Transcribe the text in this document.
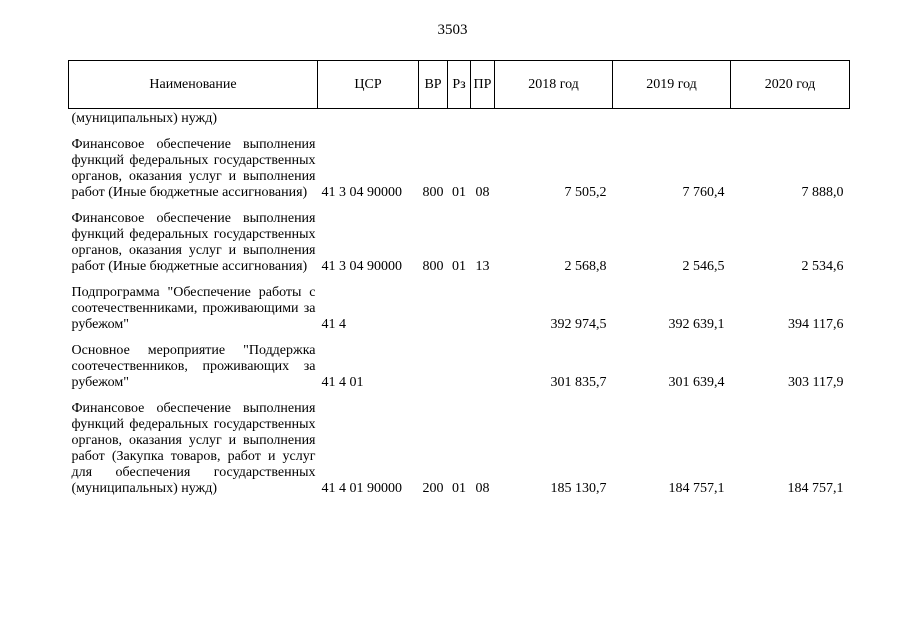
3503
Наименование	ЦСР	ВР	Рз	ПР	2018 год	2019 год	2020 год
(муниципальных) нужд)							

Финансовое обеспечение выполнения функций федеральных государственных органов, оказания услуг и выполнения работ (Иные бюджетные ассигнования)	41 3 04 90000	800	01	08	7 505,2	7 760,4	7 888,0

Финансовое обеспечение выполнения функций федеральных государственных органов, оказания услуг и выполнения работ (Иные бюджетные ассигнования)	41 3 04 90000	800	01	13	2 568,8	2 546,5	2 534,6

Подпрограмма "Обеспечение работы с соотечественниками, проживающими за рубежом"	41 4				392 974,5	392 639,1	394 117,6

Основное мероприятие "Поддержка соотечественников, проживающих за рубежом"	41 4 01				301 835,7	301 639,4	303 117,9

Финансовое обеспечение выполнения функций федеральных государственных органов, оказания услуг и выполнения работ (Закупка товаров, работ и услуг для обеспечения государственных (муниципальных) нужд)	41 4 01 90000	200	01	08	185 130,7	184 757,1	184 757,1
